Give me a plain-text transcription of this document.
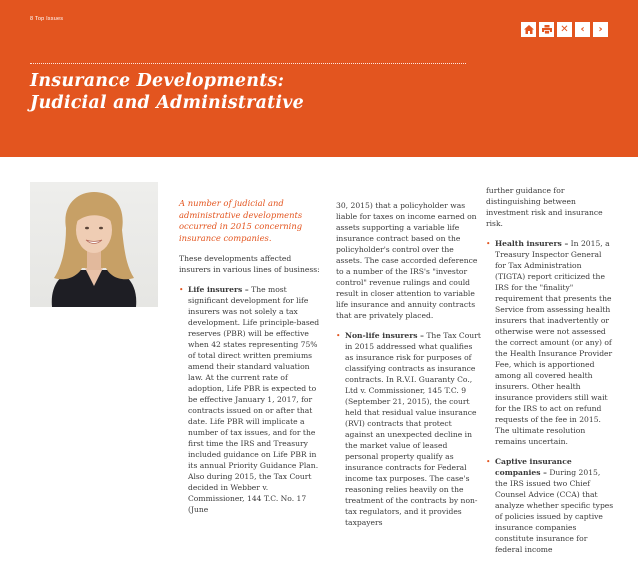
8 Top Issues
✕ ‹ ›
Insurance Developments:
Judicial and Administrative

A number of judicial and administrative developments occurred in 2015 concerning insurance companies.

These developments affected insurers in various lines of business:

• Life insurers – The most significant development for life insurers was not solely a tax development. Life principle-based reserves (PBR) will be effective when 42 states representing 75% of total direct written premiums amend their standard valuation law. At the current rate of adoption, Life PBR is expected to be effective January 1, 2017, for contracts issued on or after that date. Life PBR will implicate a number of tax issues, and for the first time the IRS and Treasury included guidance on Life PBR in its annual Priority Guidance Plan. Also during 2015, the Tax Court decided in Webber v. Commissioner, 144 T.C. No. 17 (June

30, 2015) that a policyholder was liable for taxes on income earned on assets supporting a variable life insurance contract based on the policyholder's control over the assets. The case accorded deference to a number of the IRS's "investor control" revenue rulings and could result in closer attention to variable life insurance and annuity contracts that are privately placed.

• Non-life insurers – The Tax Court in 2015 addressed what qualifies as insurance risk for purposes of classifying contracts as insurance contracts. In R.V.I. Guaranty Co., Ltd v. Commissioner, 145 T.C. 9 (September 21, 2015), the court held that residual value insurance (RVI) contracts that protect against an unexpected decline in the market value of leased personal property qualify as insurance contracts for Federal income tax purposes. The case's reasoning relies heavily on the treatment of the contracts by non-tax regulators, and it provides taxpayers

further guidance for distinguishing between investment risk and insurance risk.

• Health insurers – In 2015, a Treasury Inspector General for Tax Administration (TIGTA) report criticized the IRS for the "finality" requirement that presents the Service from assessing health insurers that inadvertently or otherwise were not assessed the correct amount (or any) of the Health Insurance Provider Fee, which is apportioned among all covered health insurers. Other health insurance providers still wait for the IRS to act on refund requests of the fee in 2015. The ultimate resolution remains uncertain.
• Captive insurance companies – During 2015, the IRS issued two Chief Counsel Advice (CCA) that analyze whether specific types of policies issued by captive insurance companies constitute insurance for federal income
